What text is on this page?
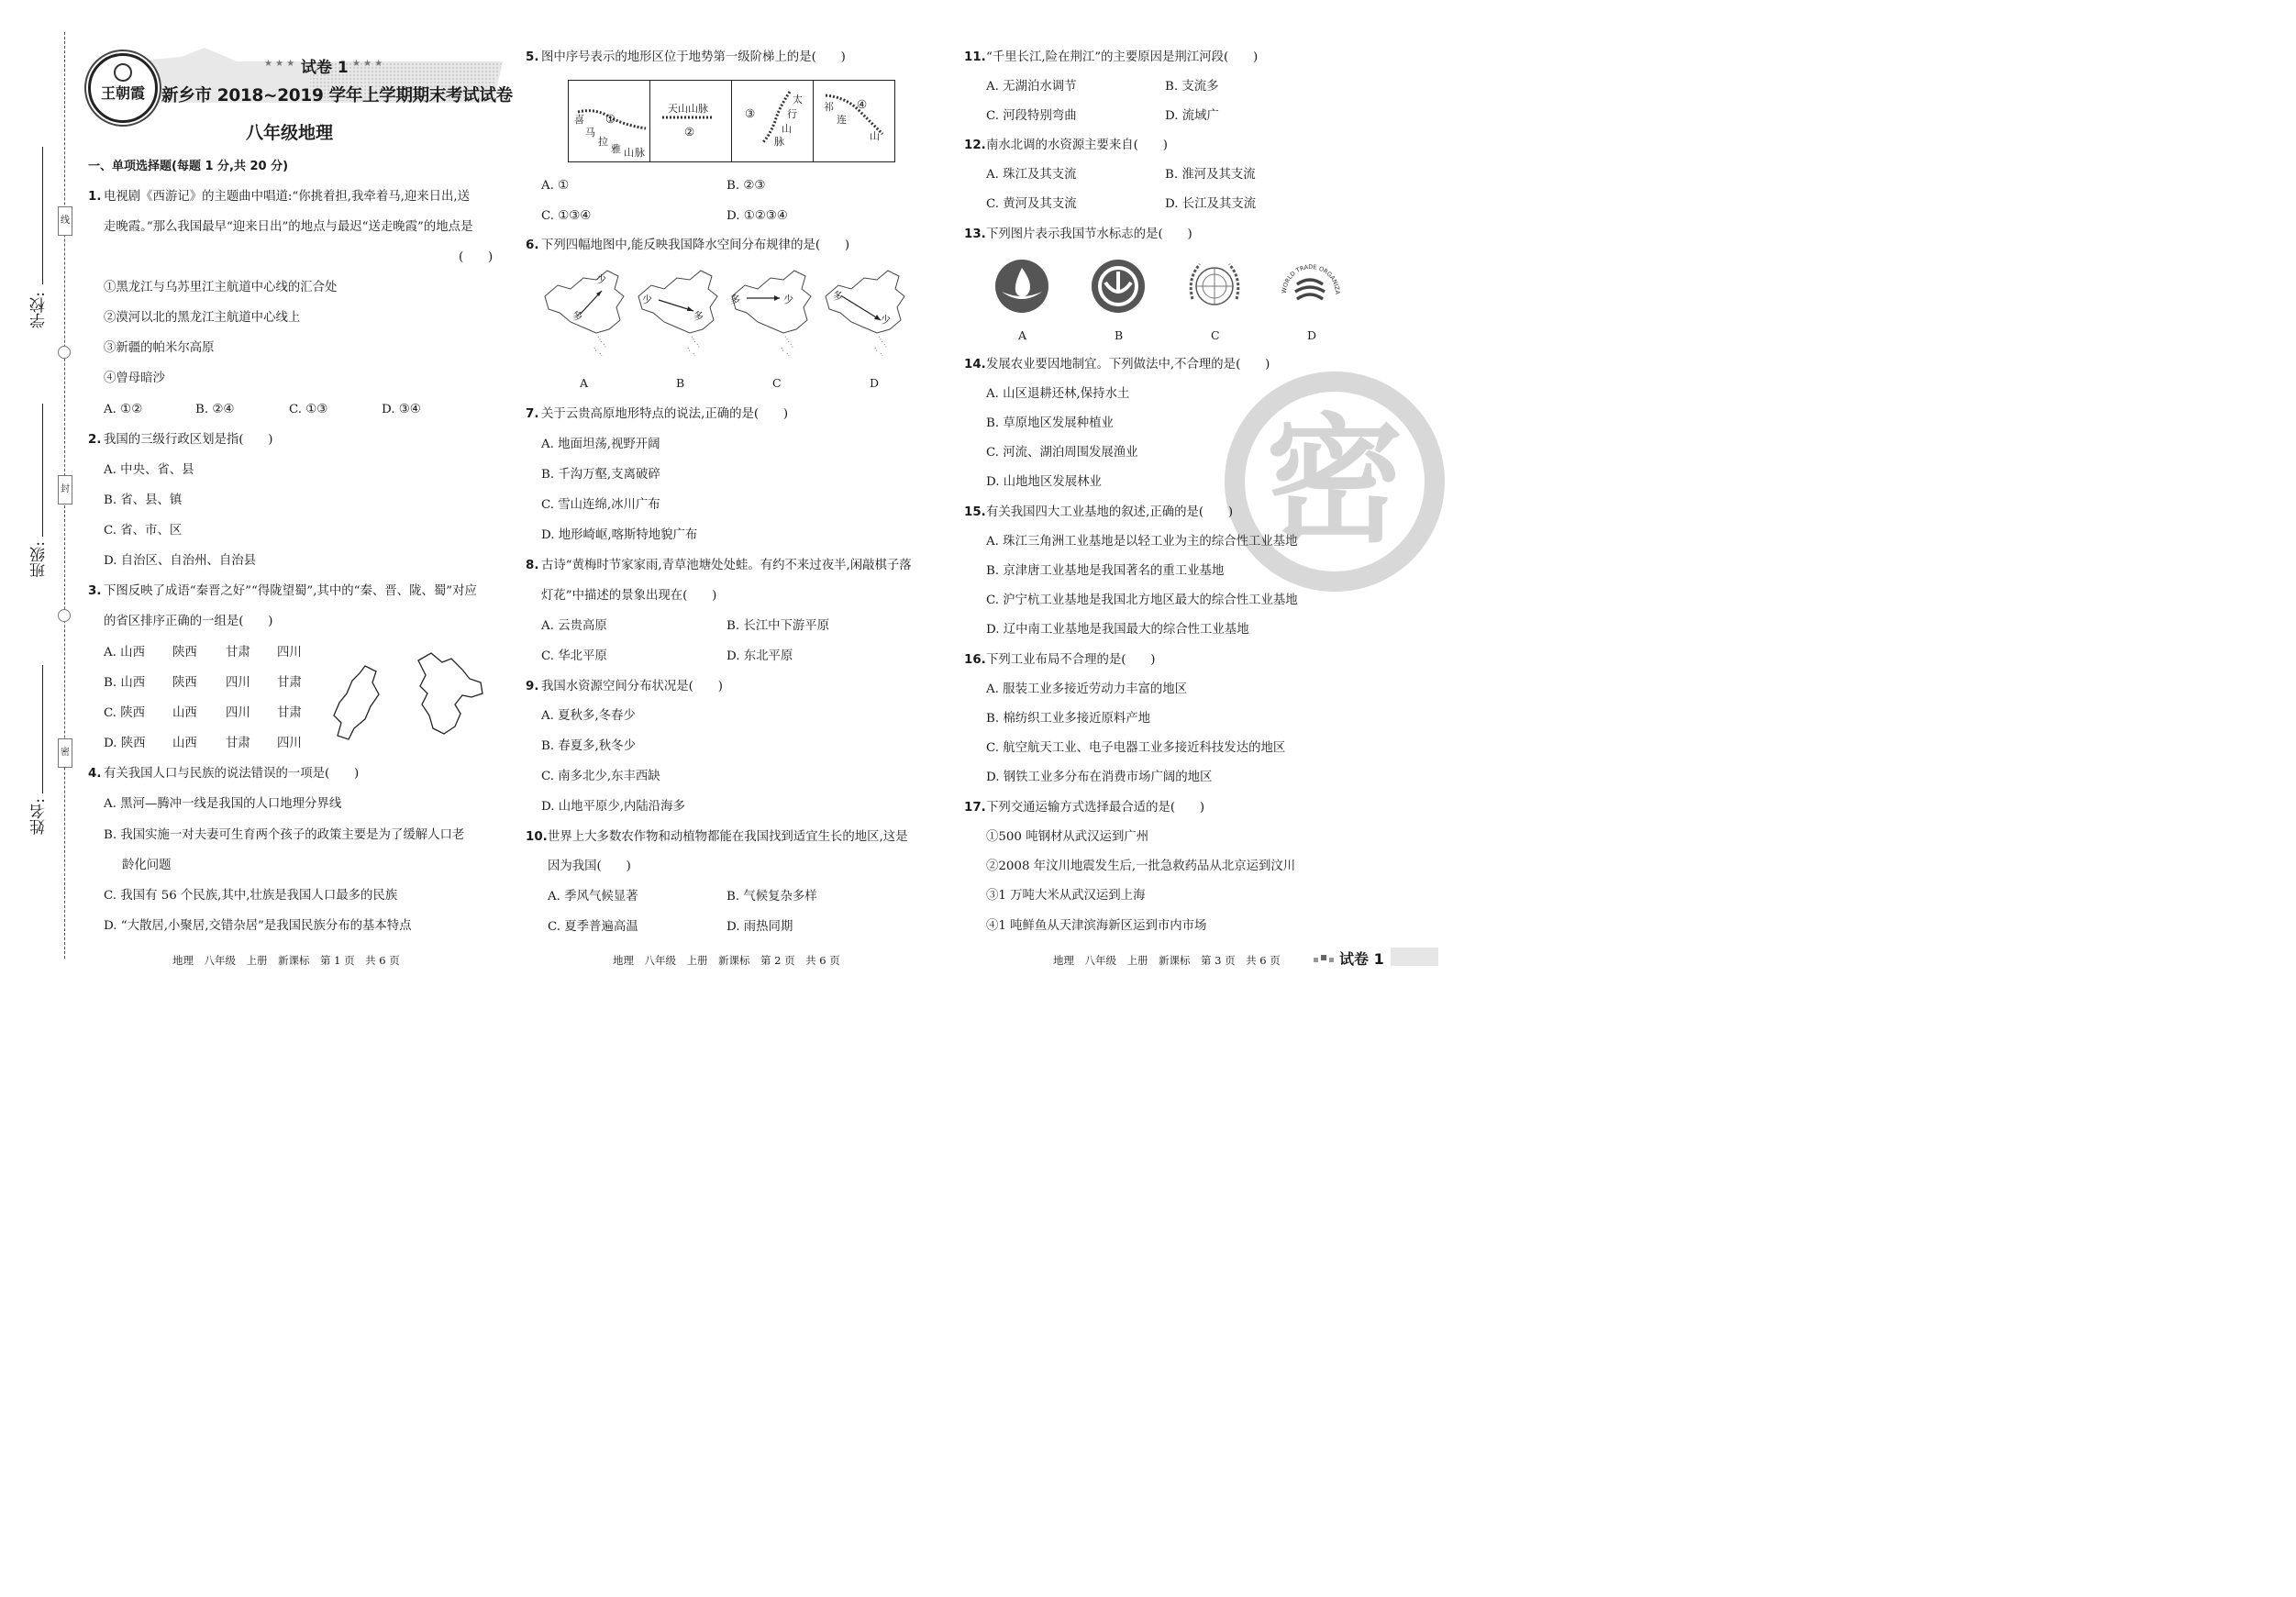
线
封
密
学校:
班级:
姓名:
王朝霞
★ ★ ★ 试卷 1 ★ ★ ★
新乡市 2018~2019 学年上学期期末考试试卷
八年级地理
一、单项选择题(每题 1 分,共 20 分)
1. 电视剧《西游记》的主题曲中唱道:“你挑着担,我牵着马,迎来日出,送
走晚霞。”那么我国最早“迎来日出”的地点与最迟“送走晚霞”的地点是
(　　)
①黑龙江与乌苏里江主航道中心线的汇合处
②漠河以北的黑龙江主航道中心线上
③新疆的帕米尔高原
④曾母暗沙
A. ①②	B. ②④	C. ①③	D. ③④
2. 我国的三级行政区划是指(　　)
A. 中央、省、县
B. 省、县、镇
C. 省、市、区
D. 自治区、自治州、自治县
3. 下图反映了成语“秦晋之好”“得陇望蜀”,其中的“秦、晋、陇、蜀”对应
的省区排序正确的一组是(　　)
A. 山西 陕西 甘肃 四川
B. 山西 陕西 四川 甘肃
C. 陕西 山西 四川 甘肃
D. 陕西 山西 甘肃 四川
4. 有关我国人口与民族的说法错误的一项是(　　)
A. 黑河—腾冲一线是我国的人口地理分界线
B. 我国实施一对夫妻可生育两个孩子的政策主要是为了缓解人口老
龄化问题
C. 我国有 56 个民族,其中,壮族是我国人口最多的民族
D. “大散居,小聚居,交错杂居”是我国民族分布的基本特点
5. 图中序号表示的地形区位于地势第一级阶梯上的是(　　)
①
喜
马
拉
雅 山 脉
天山山脉
②
③
太
行
山
脉
④
祁
连
山
A. ①	B. ②③
C. ①③④	D. ①②③④
6. 下列四幅地图中,能反映我国降水空间分布规律的是(　　)
多
少
少
多
多	少	多
少
A	B	C	D
7. 关于云贵高原地形特点的说法,正确的是(　　)
A. 地面坦荡,视野开阔
B. 千沟万壑,支离破碎
C. 雪山连绵,冰川广布
D. 地形崎岖,喀斯特地貌广布
8. 古诗“黄梅时节家家雨,青草池塘处处蛙。有约不来过夜半,闲敲棋子落
灯花”中描述的景象出现在(　　)
A. 云贵高原	B. 长江中下游平原
C. 华北平原	D. 东北平原
9. 我国水资源空间分布状况是(　　)
A. 夏秋多,冬春少
B. 春夏多,秋冬少
C. 南多北少,东丰西缺
D. 山地平原少,内陆沿海多
10. 世界上大多数农作物和动植物都能在我国找到适宜生长的地区,这是
因为我国(　　)
A. 季风气候显著	B. 气候复杂多样
C. 夏季普遍高温	D. 雨热同期
密
11. “千里长江,险在荆江”的主要原因是荆江河段(　　)
A. 无湖泊水调节	B. 支流多
C. 河段特别弯曲	D. 流域广
12. 南水北调的水资源主要来自(　　)
A. 珠江及其支流	B. 淮河及其支流
C. 黄河及其支流	D. 长江及其支流
13. 下列图片表示我国节水标志的是(　　)
WORLD TRADE ORGANIZATION
A	B	C	D
14. 发展农业要因地制宜。下列做法中,不合理的是(　　)
A. 山区退耕还林,保持水土
B. 草原地区发展种植业
C. 河流、湖泊周围发展渔业
D. 山地地区发展林业
15. 有关我国四大工业基地的叙述,正确的是(　　)
A. 珠江三角洲工业基地是以轻工业为主的综合性工业基地
B. 京津唐工业基地是我国著名的重工业基地
C. 沪宁杭工业基地是我国北方地区最大的综合性工业基地
D. 辽中南工业基地是我国最大的综合性工业基地
16. 下列工业布局不合理的是(　　)
A. 服装工业多接近劳动力丰富的地区
B. 棉纺织工业多接近原料产地
C. 航空航天工业、电子电器工业多接近科技发达的地区
D. 钢铁工业多分布在消费市场广阔的地区
17. 下列交通运输方式选择最合适的是(　　)
①500 吨钢材从武汉运到广州
②2008 年汶川地震发生后,一批急救药品从北京运到汶川
③1 万吨大米从武汉运到上海
④1 吨鲜鱼从天津滨海新区运到市内市场
地理　八年级　上册　新课标　第 1 页　共 6 页	地理　八年级　上册　新课标　第 2 页　共 6 页	地理　八年级　上册　新课标　第 3 页　共 6 页	试卷 1
